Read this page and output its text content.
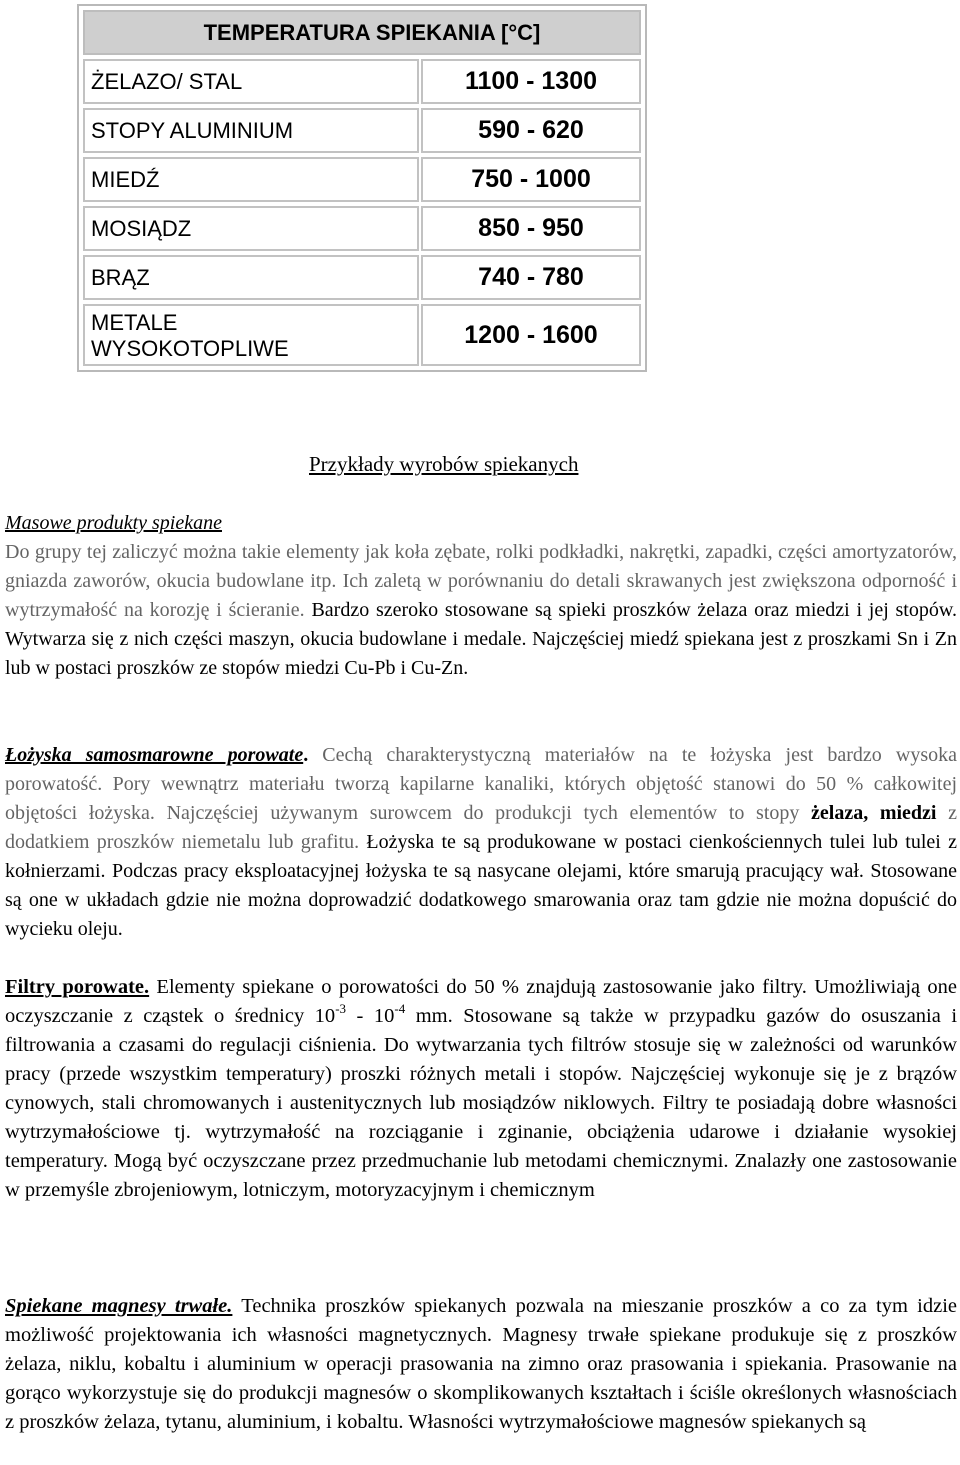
TEMPERATURA SPIEKANIA [°C]
ŻELAZO/ STAL	1100 - 1300
STOPY ALUMINIUM	590 - 620
MIEDŹ	750 - 1000
MOSIĄDZ	850 - 950
BRĄZ	740 - 780
METALE
WYSOKOTOPLIWE	1200 - 1600
Przykłady wyrobów spiekanych
Masowe produkty spiekane
Do grupy tej zaliczyć można takie elementy jak koła zębate, rolki podkładki, nakrętki, zapadki, części amortyzatorów, gniazda zaworów, okucia budowlane itp. Ich zaletą w porównaniu do detali skrawanych jest zwiększona odporność i wytrzymałość na korozję i ścieranie. Bardzo szeroko stosowane są spieki proszków żelaza oraz miedzi i jej stopów. Wytwarza się z nich części maszyn, okucia budowlane i medale. Najczęściej miedź spiekana jest z proszkami Sn i Zn lub w postaci proszków ze stopów miedzi Cu-Pb i Cu-Zn.
Łożyska samosmarowne porowate. Cechą charakterystyczną materiałów na te łożyska jest bardzo wysoka porowatość. Pory wewnątrz materiału tworzą kapilarne kanaliki, których objętość stanowi do 50 % całkowitej objętości łożyska. Najczęściej używanym surowcem do produkcji tych elementów to stopy żelaza, miedzi z dodatkiem proszków niemetalu lub grafitu. Łożyska te są produkowane w postaci cienkościennych tulei lub tulei z kołnierzami. Podczas pracy eksploatacyjnej łożyska te są nasycane olejami, które smarują pracujący wał. Stosowane są one w układach gdzie nie można doprowadzić dodatkowego smarowania oraz tam gdzie nie można dopuścić do wycieku oleju.
Filtry porowate. Elementy spiekane o porowatości do 50 % znajdują zastosowanie jako filtry. Umożliwiają one oczyszczanie z cząstek o średnicy $10^{-3} - 10^{-4}$ mm. Stosowane są także w przypadku gazów do osuszania i filtrowania a czasami do regulacji ciśnienia. Do wytwarzania tych filtrów stosuje się w zależności od warunków pracy (przede wszystkim temperatury) proszki różnych metali i stopów. Najczęściej wykonuje się je z brązów cynowych, stali chromowanych i austenitycznych lub mosiądzów niklowych. Filtry te posiadają dobre własności wytrzymałościowe tj. wytrzymałość na rozciąganie i zginanie, obciążenia udarowe i działanie wysokiej temperatury. Mogą być oczyszczane przez przedmuchanie lub metodami chemicznymi. Znalazły one zastosowanie w przemyśle zbrojeniowym, lotniczym, motoryzacyjnym i chemicznym
Spiekane magnesy trwałe. Technika proszków spiekanych pozwala na mieszanie proszków a co za tym idzie możliwość projektowania ich własności magnetycznych. Magnesy trwałe spiekane produkuje się z proszków żelaza, niklu, kobaltu i aluminium w operacji prasowania na zimno oraz prasowania i spiekania. Prasowanie na gorąco wykorzystuje się do produkcji magnesów o skomplikowanych kształtach i ściśle określonych własnościach z proszków żelaza, tytanu, aluminium, i kobaltu. Własności wytrzymałościowe magnesów spiekanych są
